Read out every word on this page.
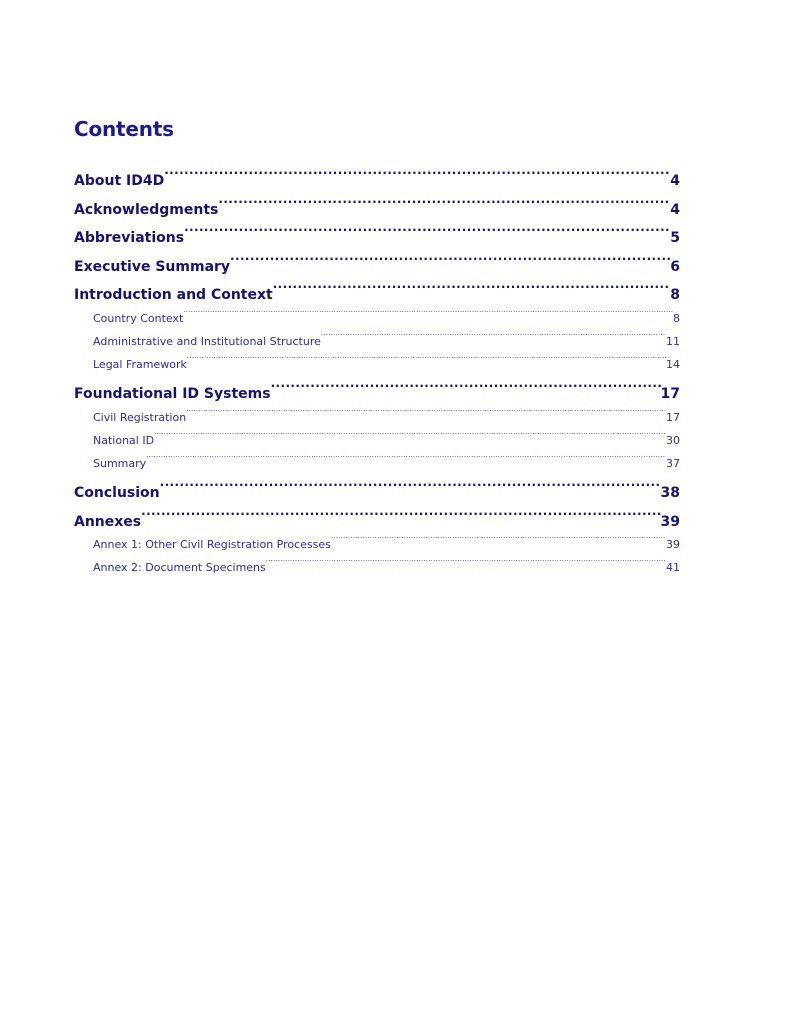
Contents
About ID4D .....	4
Acknowledgments .....	4
Abbreviations .....	5
Executive Summary .....	6
Introduction and Context .....	8
Country Context .....	8
Administrative and Institutional Structure .....	11
Legal Framework .....	14
Foundational ID Systems .....	17
Civil Registration .....	17
National ID .....	30
Summary .....	37
Conclusion .....	38
Annexes .....	39
Annex 1: Other Civil Registration Processes .....	39
Annex 2: Document Specimens .....	41
